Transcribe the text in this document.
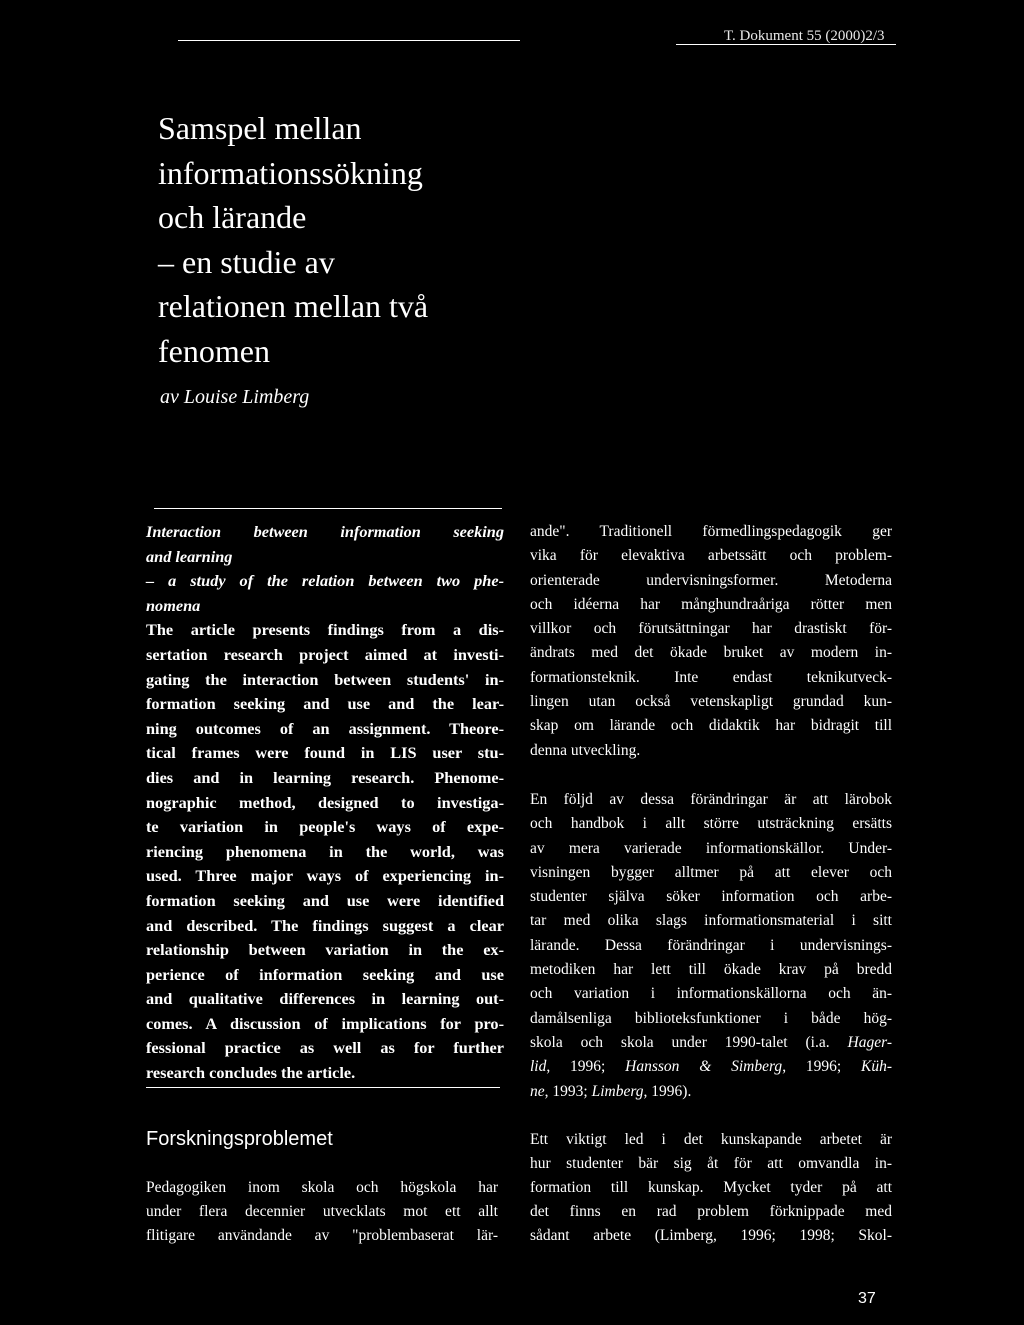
T. Dokument 55 (2000)2/3
Samspel mellan
informationssökning
och lärande
– en studie av
relationen mellan två
fenomen
av Louise Limberg
Interaction between information seeking
and learning
– a study of the relation between two phe-
nomena
The article presents findings from a dis-
sertation research project aimed at investi-
gating the interaction between students' in-
formation seeking and use and the lear-
ning outcomes of an assignment. Theore-
tical frames were found in LIS user stu-
dies and in learning research. Phenome-
nographic method, designed to investiga-
te variation in people's ways of expe-
riencing phenomena in the world, was
used. Three major ways of experiencing in-
formation seeking and use were identified
and described. The findings suggest a clear
relationship between variation in the ex-
perience of information seeking and use
and qualitative differences in learning out-
comes. A discussion of implications for pro-
fessional practice as well as for further
research concludes the article.
Forskningsproblemet
Pedagogiken inom skola och högskola har
under flera decennier utvecklats mot ett allt
flitigare användande av "problembaserat lär-
ande". Traditionell förmedlingspedagogik ger
vika för elevaktiva arbetssätt och problem-
orienterade undervisningsformer. Metoderna
och idéerna har månghundraåriga rötter men
villkor och förutsättningar har drastiskt för-
ändrats med det ökade bruket av modern in-
formationsteknik. Inte endast teknikutveck-
lingen utan också vetenskapligt grundad kun-
skap om lärande och didaktik har bidragit till
denna utveckling.
En följd av dessa förändringar är att lärobok
och handbok i allt större utsträckning ersätts
av mera varierade informationskällor. Under-
visningen bygger alltmer på att elever och
studenter själva söker information och arbe-
tar med olika slags informationsmaterial i sitt
lärande. Dessa förändringar i undervisnings-
metodiken har lett till ökade krav på bredd
och variation i informationskällorna och än-
damålsenliga biblioteksfunktioner i både hög-
skola och skola under 1990-talet (i.a. Hager-
lid, 1996; Hansson & Simberg, 1996; Küh-
ne, 1993; Limberg, 1996).
Ett viktigt led i det kunskapande arbetet är
hur studenter bär sig åt för att omvandla in-
formation till kunskap. Mycket tyder på att
det finns en rad problem förknippade med
sådant arbete (Limberg, 1996; 1998; Skol-
37
